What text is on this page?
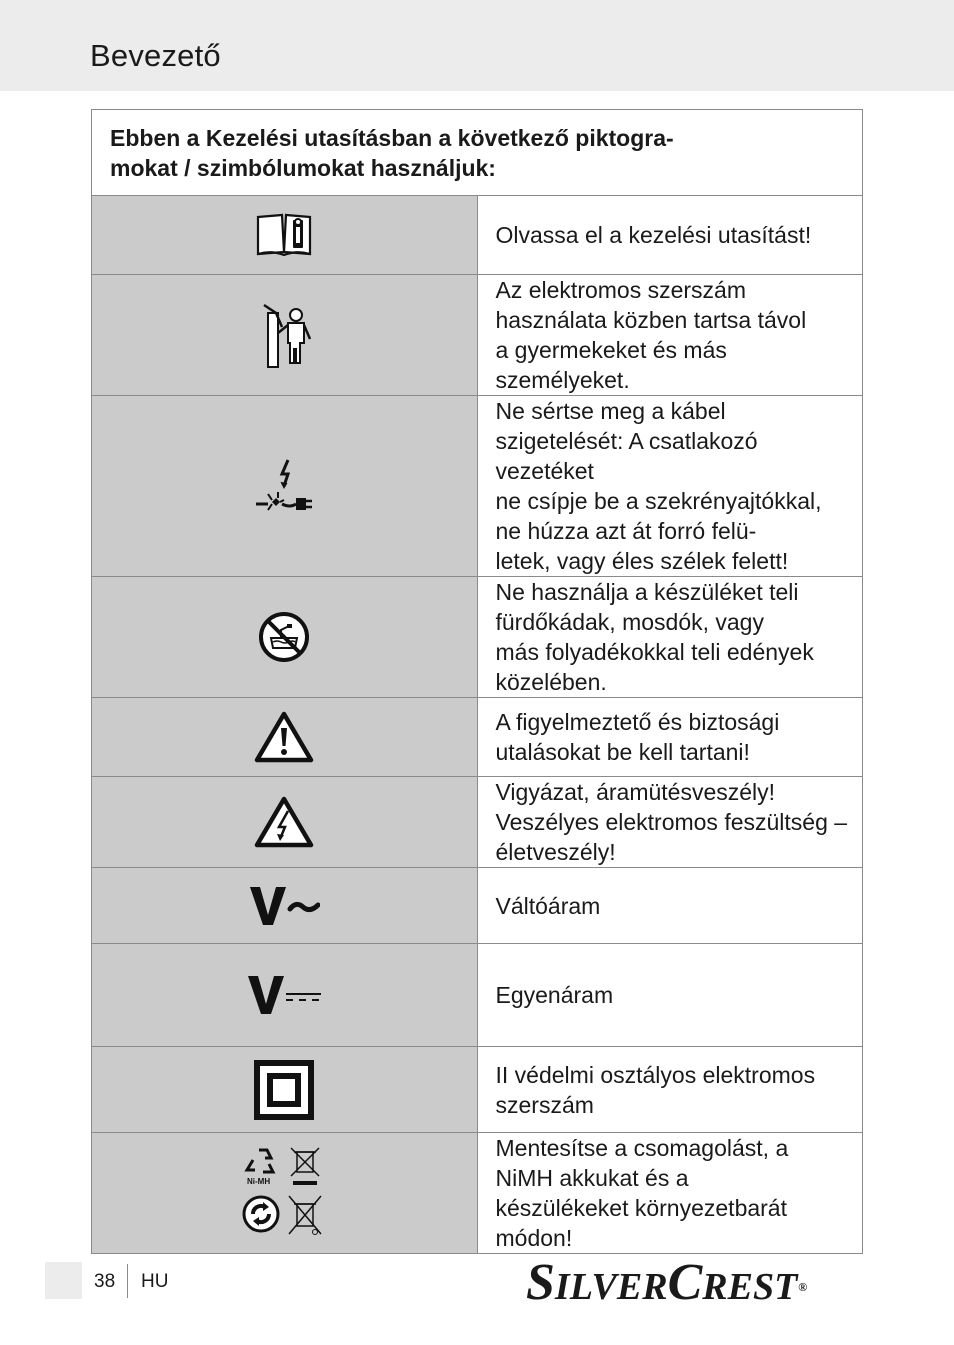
Bevezető
Ebben a Kezelési utasításban a következő piktogra-
mokat / szimbólumokat használjuk:	

Olvassa el a kezelési utasítást!

Az elektromos szerszám használata közben tartsa távol
a gyermekeket és más személyeket.

Ne sértse meg a kábel szigetelését: A csatlakozó vezetéket
ne csípje be a szekrényajtókkal, ne húzza azt át forró felü-
letek, vagy éles szélek felett!

Ne használja a készüléket teli fürdőkádak, mosdók, vagy
más folyadékokkal teli edények közelében.

A figyelmeztető és biztosági utalásokat be kell tartani!

Vigyázat, áramütésveszély!
Veszélyes elektromos feszültség – életveszély!

Váltóáram

Egyenáram

II védelmi osztályos elektromos szerszám

Ni-MH	Mentesítse a csomagolást, a NiMH akkukat és a
készülékeket környezetbarát módon!
38 HU	SILVERCREST®
